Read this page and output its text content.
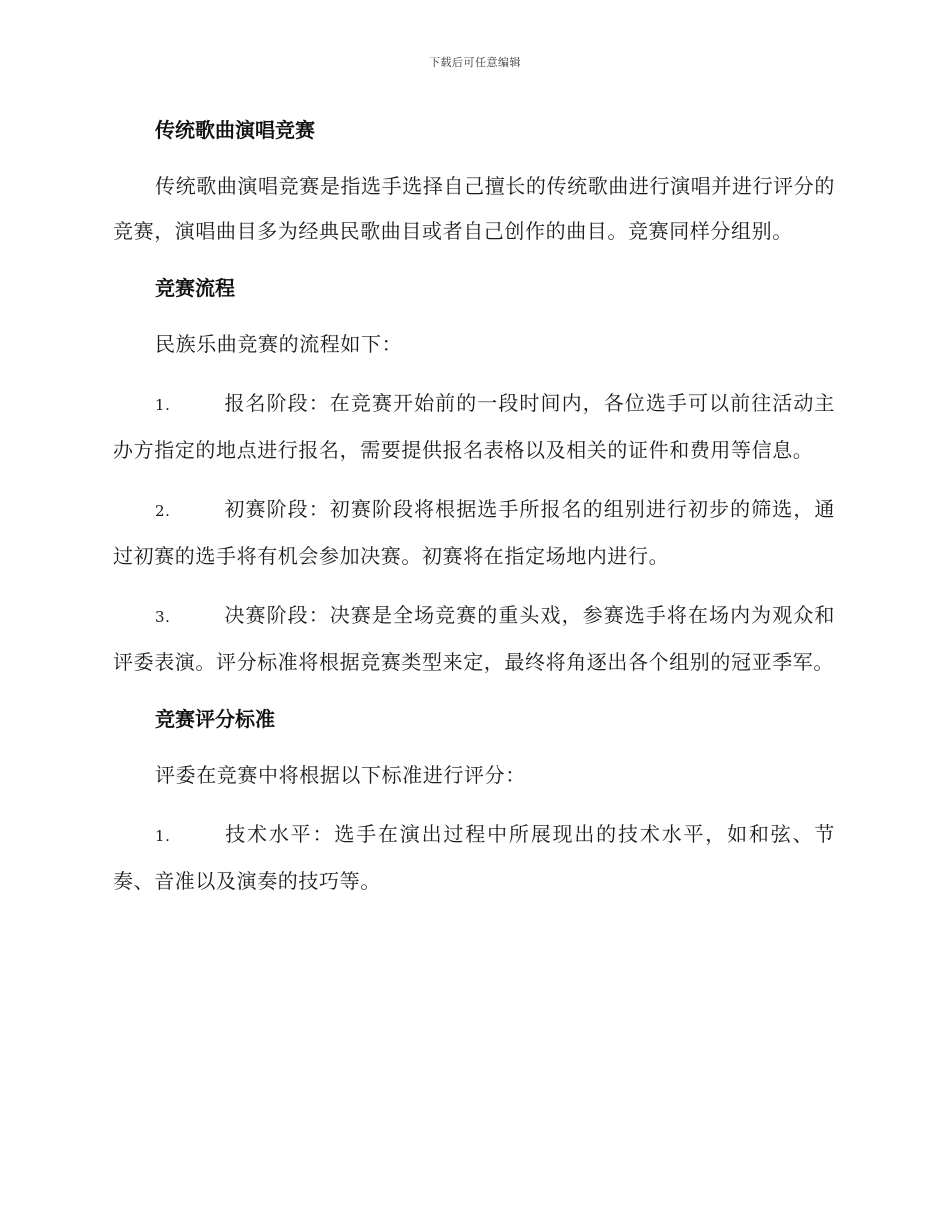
下载后可任意编辑
传统歌曲演唱竞赛

传统歌曲演唱竞赛是指选手选择自己擅长的传统歌曲进行演唱并进行评分的竞赛，演唱曲目多为经典民歌曲目或者自己创作的曲目。竞赛同样分组别。

竞赛流程

民族乐曲竞赛的流程如下：

1.	报名阶段：在竞赛开始前的一段时间内，各位选手可以前往活动主办方指定的地点进行报名，需要提供报名表格以及相关的证件和费用等信息。

2.	初赛阶段：初赛阶段将根据选手所报名的组别进行初步的筛选，通过初赛的选手将有机会参加决赛。初赛将在指定场地内进行。

3.	决赛阶段：决赛是全场竞赛的重头戏，参赛选手将在场内为观众和评委表演。评分标准将根据竞赛类型来定，最终将角逐出各个组别的冠亚季军。

竞赛评分标准

评委在竞赛中将根据以下标准进行评分：

1.	技术水平：选手在演出过程中所展现出的技术水平，如和弦、节奏、音准以及演奏的技巧等。
